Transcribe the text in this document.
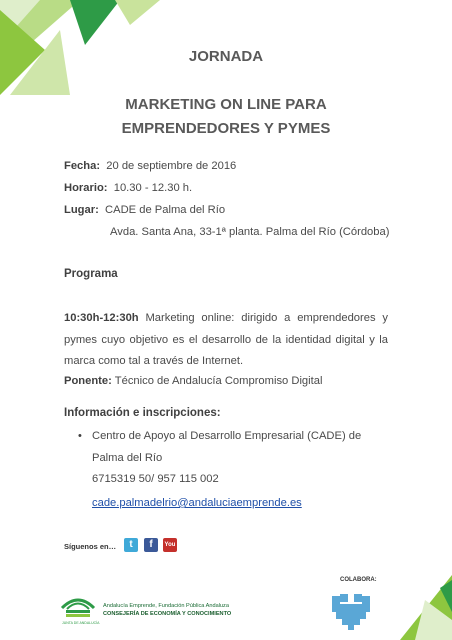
JORNADA
MARKETING ON LINE PARA
EMPRENDEDORES Y PYMES
Fecha: 20 de septiembre de 2016
Horario: 10.30 - 12.30 h.
Lugar: CADE de Palma del Río
Avda. Santa Ana, 33-1ª planta. Palma del Río (Córdoba)
Programa
10:30h-12:30h Marketing online: dirigido a emprendedores y pymes cuyo objetivo es el desarrollo de la identidad digital y la marca como tal a través de Internet.
Ponente: Técnico de Andalucía Compromiso Digital
Información e inscripciones:
• Centro de Apoyo al Desarrollo Empresarial (CADE) de Palma del Río
6715319 50/ 957 115 002
cade.palmadelrio@andaluciaemprende.es
Síguenos en…	t	f	You
COLABORA:
JUNTA DE ANDALUCÍA
Andalucía Emprende, Fundación Pública Andaluza
CONSEJERÍA DE ECONOMÍA Y CONOCIMIENTO
